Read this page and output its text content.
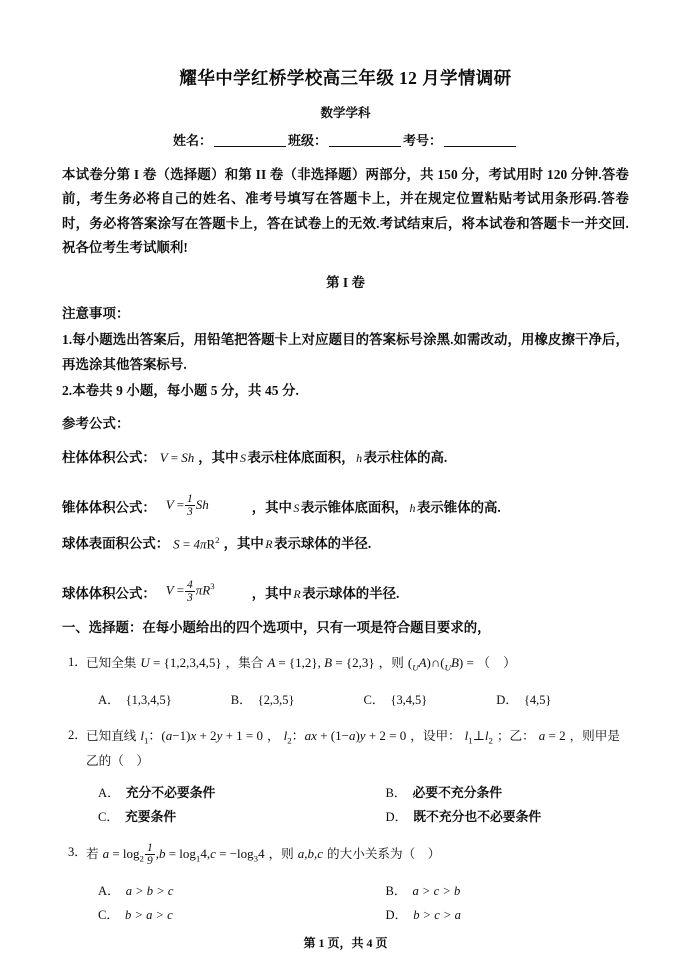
耀华中学红桥学校高三年级 12 月学情调研
数学学科
姓名：	班级：	考号：

本试卷分第 I 卷（选择题）和第 II 卷（非选择题）两部分，共 150 分，考试用时 120 分钟.答卷前，考生务必将自己的姓名、准考号填写在答题卡上，并在规定位置粘贴考试用条形码.答卷时，务必将答案涂写在答题卡上，答在试卷上的无效.考试结束后，将本试卷和答题卡一并交回.祝各位考生考试顺利!

第 I 卷

注意事项：

1.每小题选出答案后，用铅笔把答题卡上对应题目的答案标号涂黑.如需改动，用橡皮擦干净后，再选涂其他答案标号.

2.本卷共 9 小题，每小题 5 分，共 45 分.

参考公式：

柱体体积公式： V = Sh ，其中 S 表示柱体底面积， h 表示柱体的高.
锥体体积公式： $V = \frac{1}{3}$ Sh	，其中 S 表示锥体底面积， h 表示锥体的高.
球体表面积公式： $S = 4\pi R^2$ ，其中 R 表示球体的半径.
球体体积公式： $V = \frac{4}{3} \pi R^3$	，其中 R 表示球体的半径.
一、选择题：在每小题给出的四个选项中，只有一项是符合题目要求的，
1． 已知全集 U = {1,2,3,4,5} ，集合 A = {1,2}, B = {2,3} ，则 $(_UA)\cap(_UB)$ = （　）
A． {1,3,4,5}	B． {2,3,5}	C． {3,4,5}	D． {4,5}
2． 已知直线 $l_1$：(a−1)x + 2y + 1 = 0 ， $l_2$：ax + (1−a)y + 2 = 0 ，设甲： $l_1\perp l_2$ ；乙： a = 2 ，则甲是乙的（　）
A． 充分不必要条件	B． 必要不充分条件
C． 充要条件	D． 既不充分也不必要条件
3． 若 $a = \log_2 \frac{1}{9} ,b = \log_14,c = -\log_34$ ，则 a,b,c 的大小关系为（　）
A． a > b > c	B． a > c > b
C． b > a > c	D． b > c > a
第 1 页，共 4 页
